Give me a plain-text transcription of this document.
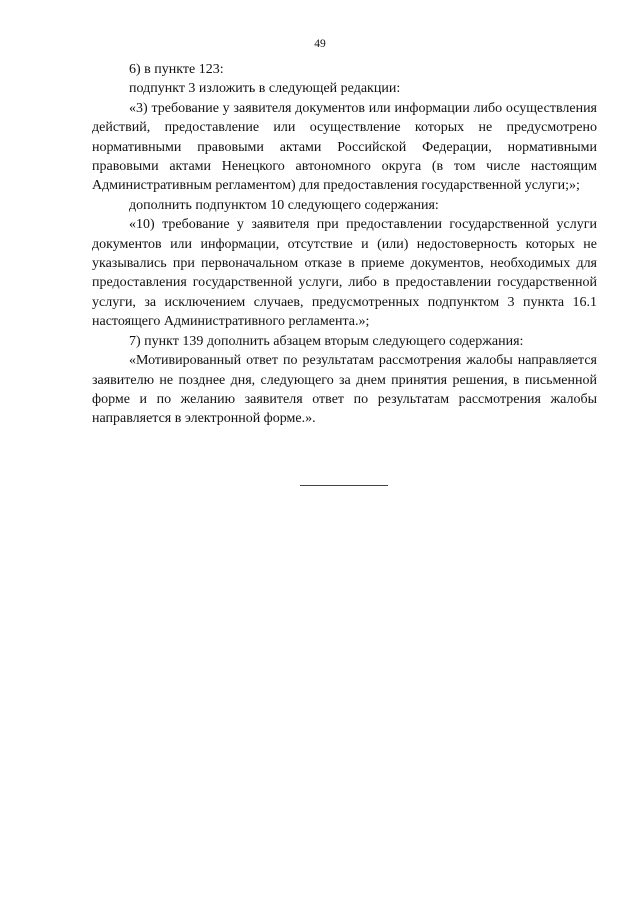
49

6) в пункте 123:

подпункт 3 изложить в следующей редакции:

«3) требование у заявителя документов или информации либо осуществления действий, предоставление или осуществление которых не предусмотрено нормативными правовыми актами Российской Федерации, нормативными правовыми актами Ненецкого автономного округа (в том числе настоящим Административным регламентом) для предоставления государственной услуги;»;

дополнить подпунктом 10 следующего содержания:

«10) требование у заявителя при предоставлении государственной услуги документов или информации, отсутствие и (или) недостоверность которых не указывались при первоначальном отказе в приеме документов, необходимых для предоставления государственной услуги, либо в предоставлении государственной услуги, за исключением случаев, предусмотренных подпунктом 3 пункта 16.1 настоящего Административного регламента.»;

7) пункт 139 дополнить абзацем вторым следующего содержания:

«Мотивированный ответ по результатам рассмотрения жалобы направляется заявителю не позднее дня, следующего за днем принятия решения, в письменной форме и по желанию заявителя ответ по результатам рассмотрения жалобы направляется в электронной форме.».
